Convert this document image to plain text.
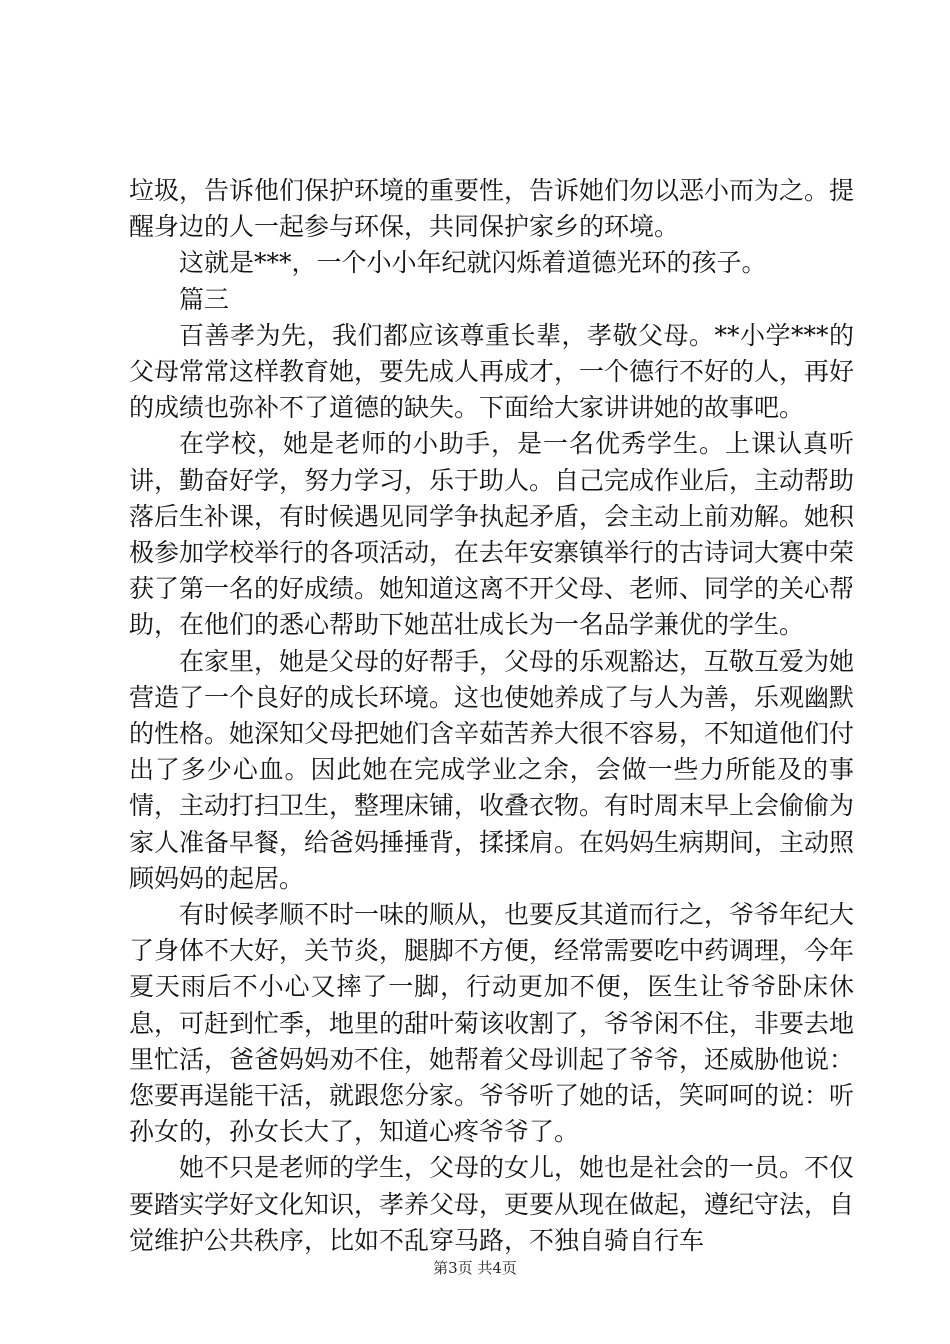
垃圾，告诉他们保护环境的重要性，告诉她们勿以恶小而为之。提醒身边的人一起参与环保，共同保护家乡的环境。

这就是***，一个小小年纪就闪烁着道德光环的孩子。

篇三

百善孝为先，我们都应该尊重长辈，孝敬父母。**小学***的父母常常这样教育她，要先成人再成才，一个德行不好的人，再好的成绩也弥补不了道德的缺失。下面给大家讲讲她的故事吧。

在学校，她是老师的小助手，是一名优秀学生。上课认真听讲，勤奋好学，努力学习，乐于助人。自己完成作业后，主动帮助落后生补课，有时候遇见同学争执起矛盾，会主动上前劝解。她积极参加学校举行的各项活动，在去年安寨镇举行的古诗词大赛中荣获了第一名的好成绩。她知道这离不开父母、老师、同学的关心帮助，在他们的悉心帮助下她茁壮成长为一名品学兼优的学生。

在家里，她是父母的好帮手，父母的乐观豁达，互敬互爱为她营造了一个良好的成长环境。这也使她养成了与人为善，乐观幽默的性格。她深知父母把她们含辛茹苦养大很不容易，不知道他们付出了多少心血。因此她在完成学业之余，会做一些力所能及的事情，主动打扫卫生，整理床铺，收叠衣物。有时周末早上会偷偷为家人准备早餐，给爸妈捶捶背，揉揉肩。在妈妈生病期间，主动照顾妈妈的起居。

有时候孝顺不时一味的顺从，也要反其道而行之，爷爷年纪大了身体不大好，关节炎，腿脚不方便，经常需要吃中药调理，今年夏天雨后不小心又摔了一脚，行动更加不便，医生让爷爷卧床休息，可赶到忙季，地里的甜叶菊该收割了，爷爷闲不住，非要去地里忙活，爸爸妈妈劝不住，她帮着父母训起了爷爷，还威胁他说：您要再逞能干活，就跟您分家。爷爷听了她的话，笑呵呵的说：听孙女的，孙女长大了，知道心疼爷爷了。

她不只是老师的学生，父母的女儿，她也是社会的一员。不仅要踏实学好文化知识，孝养父母，更要从现在做起，遵纪守法，自觉维护公共秩序，比如不乱穿马路，不独自骑自行车

第3页 共4页
